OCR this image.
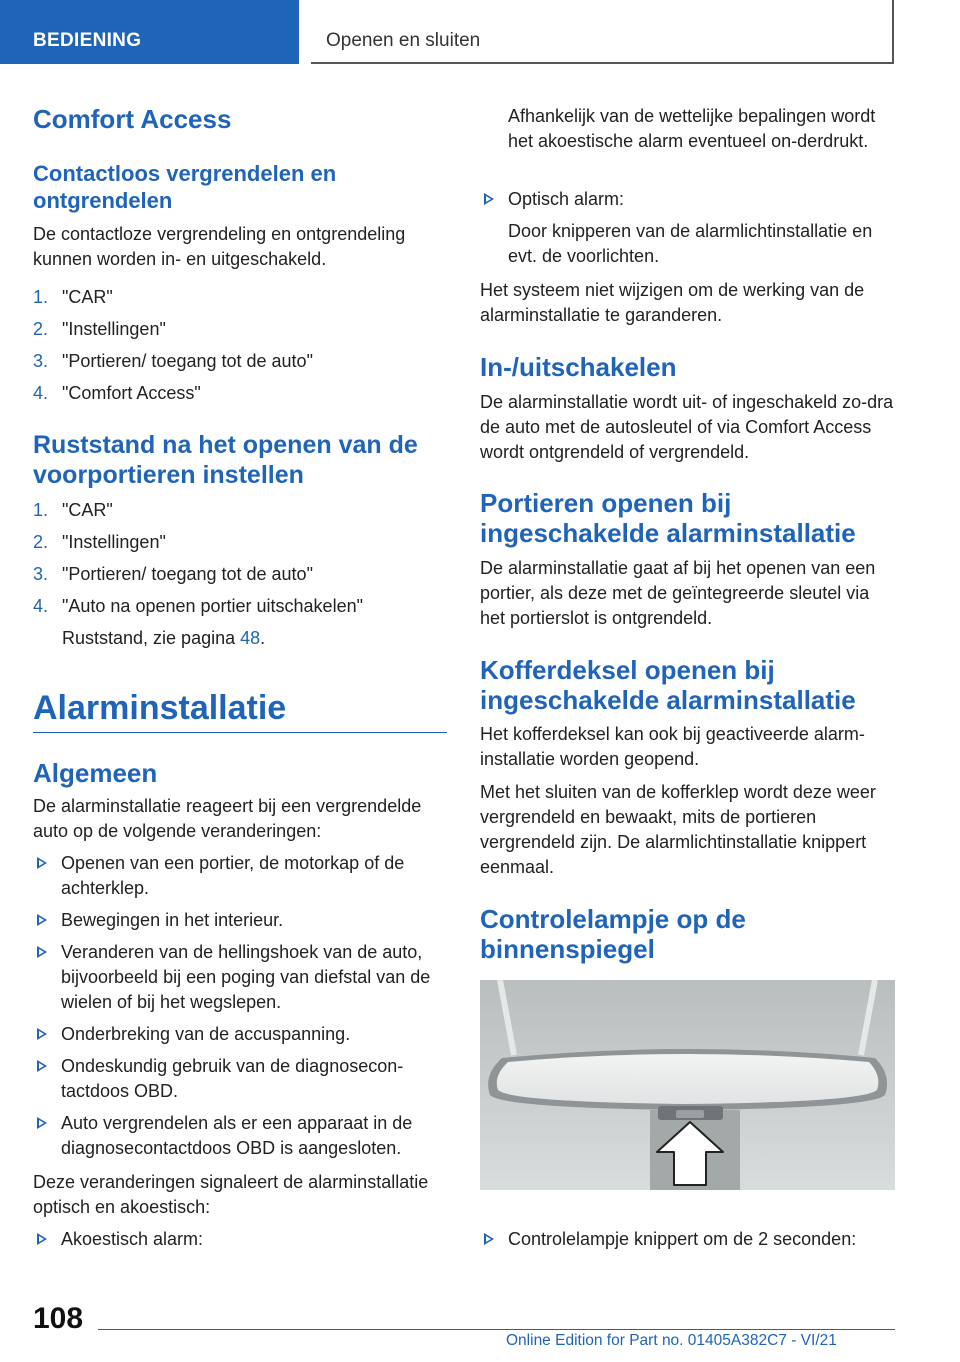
BEDIENING	Openen en sluiten
Comfort Access
Contactloos vergrendelen en ontgrendelen
De contactloze vergrendeling en ontgrendeling kunnen worden in- en uitgeschakeld.
1. "CAR"
2. "Instellingen"
3. "Portieren/ toegang tot de auto"
4. "Comfort Access"
Ruststand na het openen van de voorportieren instellen
1. "CAR"
2. "Instellingen"
3. "Portieren/ toegang tot de auto"
4. "Auto na openen portier uitschakelen"
Ruststand, zie pagina 48.
Alarminstallatie
Algemeen
De alarminstallatie reageert bij een vergrendelde auto op de volgende veranderingen:
Openen van een portier, de motorkap of de achterklep.
Bewegingen in het interieur.
Veranderen van de hellingshoek van de auto, bijvoorbeeld bij een poging van diefstal van de wielen of bij het wegslepen.
Onderbreking van de accuspanning.
Ondeskundig gebruik van de diagnosecon‐tactdoos OBD.
Auto vergrendelen als er een apparaat in de diagnosecontactdoos OBD is aangesloten.
Deze veranderingen signaleert de alarminstallatie optisch en akoestisch:
Akoestisch alarm:
Afhankelijk van de wettelijke bepalingen wordt het akoestische alarm eventueel on‐derdrukt.
Optisch alarm:
Door knipperen van de alarmlichtinstallatie en evt. de voorlichten.
Het systeem niet wijzigen om de werking van de alarminstallatie te garanderen.
In-/uitschakelen
De alarminstallatie wordt uit- of ingeschakeld zo‐dra de auto met de autosleutel of via Comfort Access wordt ontgrendeld of vergrendeld.
Portieren openen bij ingeschakelde alarminstallatie
De alarminstallatie gaat af bij het openen van een portier, als deze met de geïntegreerde sleutel via het portierslot is ontgrendeld.
Kofferdeksel openen bij ingeschakelde alarminstallatie
Het kofferdeksel kan ook bij geactiveerde alarm‐installatie worden geopend.
Met het sluiten van de kofferklep wordt deze weer vergrendeld en bewaakt, mits de portieren vergrendeld zijn. De alarmlichtinstallatie knippert eenmaal.
Controlelampje op de binnenspiegel
Controlelampje knippert om de 2 seconden:
108
Online Edition for Part no. 01405A382C7 - VI/21
